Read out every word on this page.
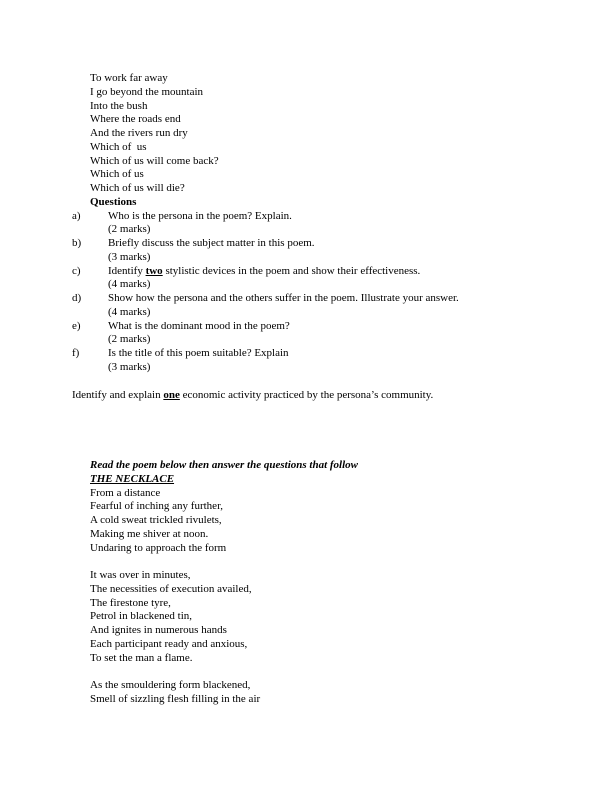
To work far away
I go beyond the mountain
Into the bush
Where the roads end
And the rivers run dry
Which of  us
Which of us will come back?
Which of us
Which of us will die?
Questions
a) Who is the persona in the poem? Explain.
(2 marks)
b) Briefly discuss the subject matter in this poem.
(3 marks)
c) Identify two stylistic devices in the poem and show their effectiveness.
(4 marks)
d) Show how the persona and the others suffer in the poem. Illustrate your answer.
(4 marks)
e) What is the dominant mood in the poem?
(2 marks)
f)	Is the title of this poem suitable? Explain
(3 marks)
Identify and explain one economic activity practiced by the persona’s community.
Read the poem below then answer the questions that follow
THE NECKLACE
From a distance
Fearful of inching any further,
A cold sweat trickled rivulets,
Making me shiver at noon.
Undaring to approach the form
It was over in minutes,
The necessities of execution availed,
The firestone tyre,
Petrol in blackened tin,
And ignites in numerous hands
Each participant ready and anxious,
To set the man a flame.
As the smouldering form blackened,
Smell of sizzling flesh filling in the air
